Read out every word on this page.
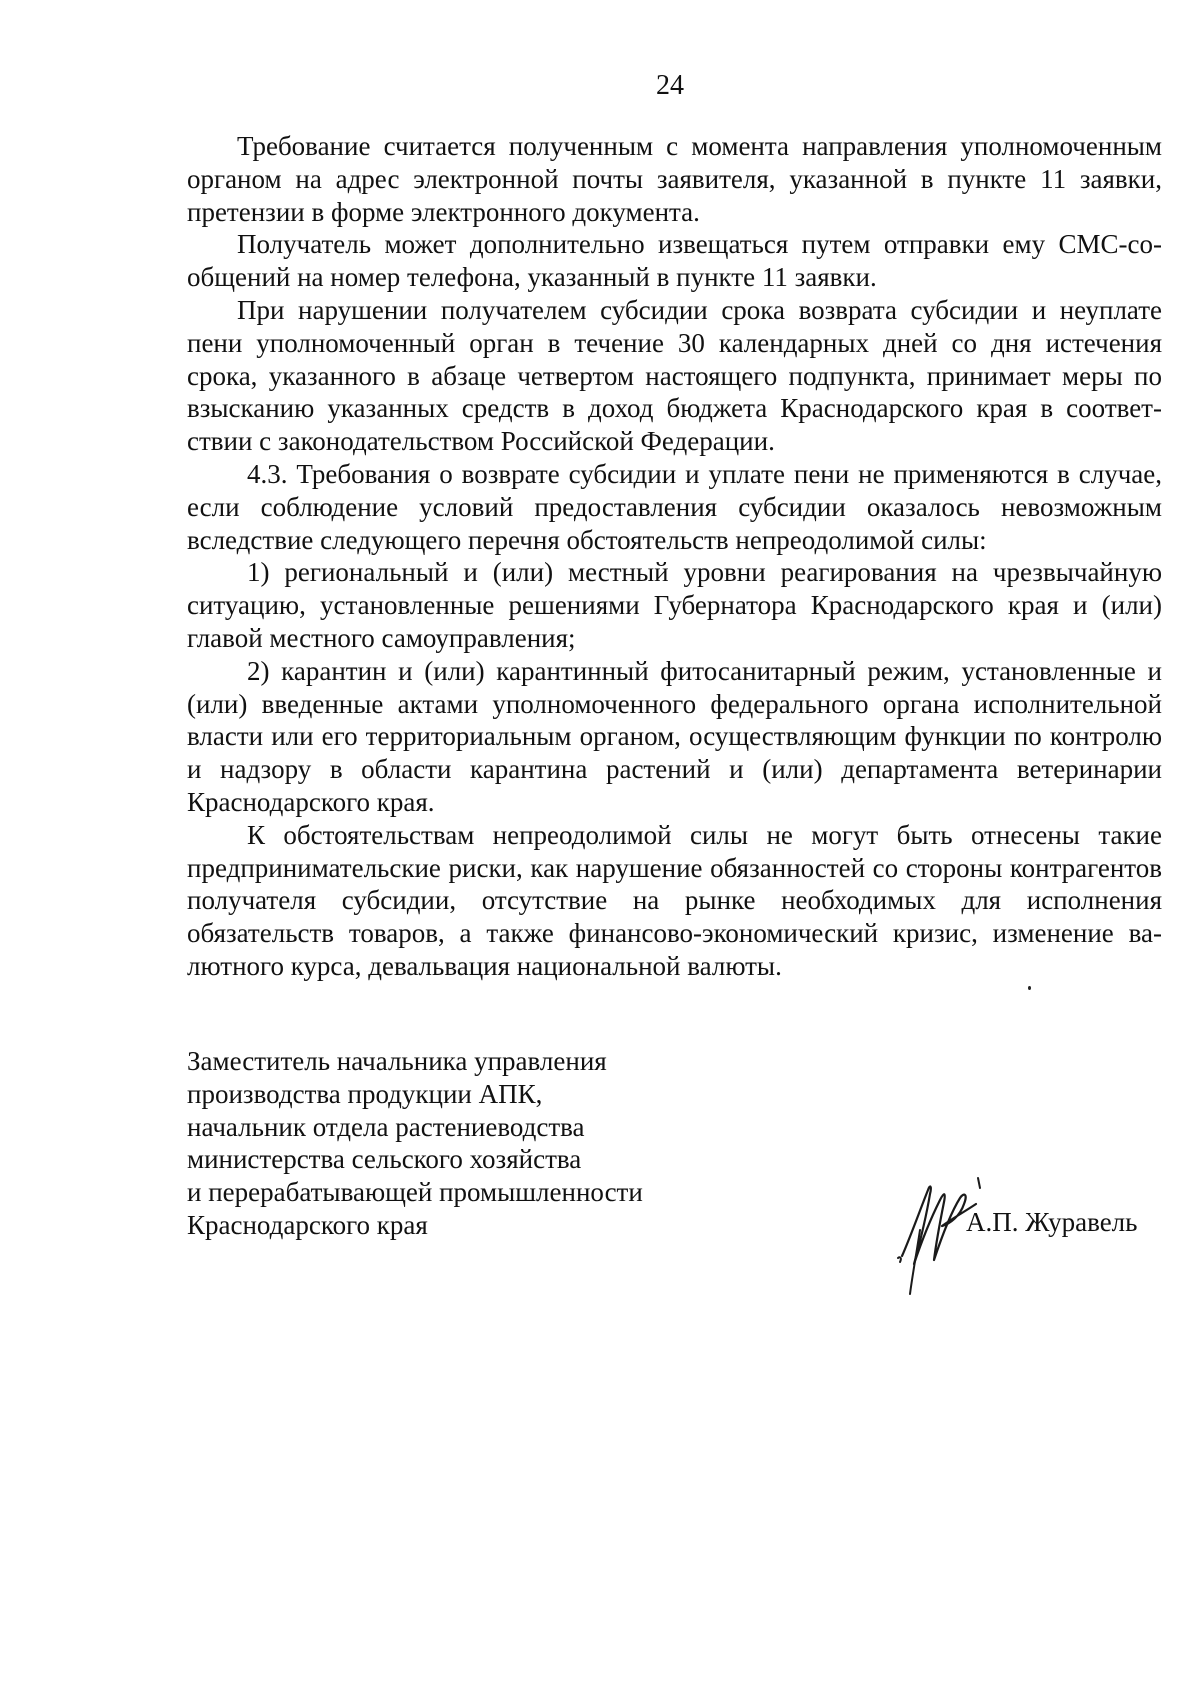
24

Требование считается полученным с момента направления уполномоченным органом на адрес электронной почты заявителя, указанной в пункте 11 заявки, претензии в форме электронного документа.

Получатель может дополнительно извещаться путем отправки ему СМС-сообщений на номер телефона, указанный в пункте 11 заявки.

При нарушении получателем субсидии срока возврата субсидии и неуплате пени уполномоченный орган в течение 30 календарных дней со дня истечения срока, указанного в абзаце четвертом настоящего подпункта, принимает меры по взысканию указанных средств в доход бюджета Краснодарского края в соответствии с законодательством Российской Федерации.

4.3. Требования о возврате субсидии и уплате пени не применяются в случае, если соблюдение условий предоставления субсидии оказалось невозможным вследствие следующего перечня обстоятельств непреодолимой силы:

1) региональный и (или) местный уровни реагирования на чрезвычайную ситуацию, установленные решениями Губернатора Краснодарского края и (или) главой местного самоуправления;

2) карантин и (или) карантинный фитосанитарный режим, установленные и (или) введенные актами уполномоченного федерального органа исполнительной власти или его территориальным органом, осуществляющим функции по контролю и надзору в области карантина растений и (или) департамента ветеринарии Краснодарского края.

К обстоятельствам непреодолимой силы не могут быть отнесены такие предпринимательские риски, как нарушение обязанностей со стороны контрагентов получателя субсидии, отсутствие на рынке необходимых для исполнения обязательств товаров, а также финансово-экономический кризис, изменение валютного курса, девальвация национальной валюты.

Заместитель начальника управления
производства продукции АПК,
начальник отдела растениеводства
министерства сельского хозяйства
и перерабатывающей промышленности
Краснодарского края	А.П. Журавель
